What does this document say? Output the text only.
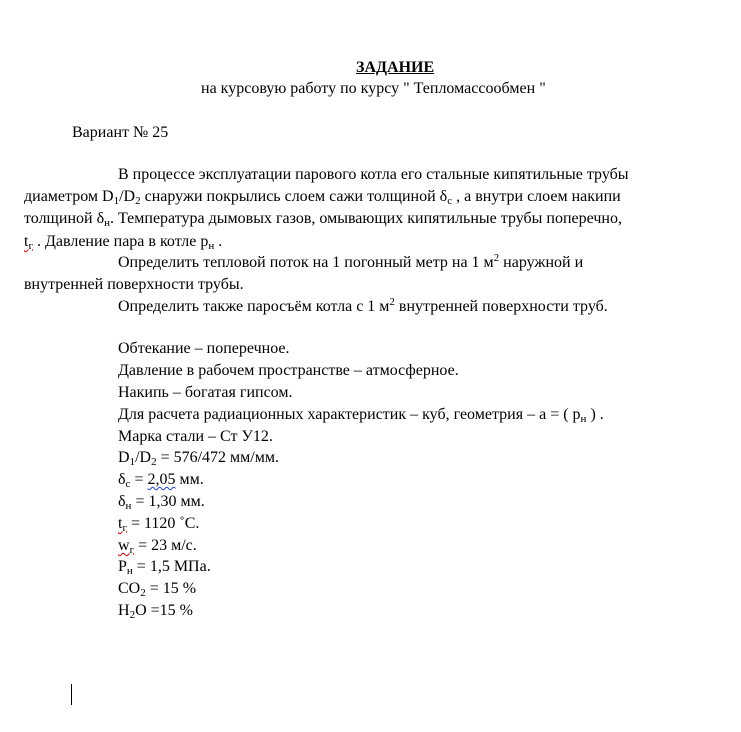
ЗАДАНИЕ
на курсовую работу по курсу " Тепломассообмен "
Вариант № 25
В процессе эксплуатации парового котла его стальные кипятильные трубы
диаметром $D_1/D_2$ снаружи покрылись слоем сажи толщиной $\delta_с$ , а внутри слоем накипи
толщиной $\delta_н$. Температура дымовых газов, омывающих кипятильные трубы поперечно,
$t_г$ . Давление пара в котле $p_н$ .
Определить тепловой поток на 1 погонный метр на 1 $м^2$ наружной и
внутренней поверхности трубы.
Определить также паросъём котла с 1 $м^2$ внутренней поверхности труб.
Обтекание – поперечное.
Давление в рабочем пространстве – атмосферное.
Накипь – богатая гипсом.
Для расчета радиационных характеристик – куб, геометрия – a = ( $p_н$ ) .
Марка стали – Ст У12.
$D_1/D_2 = 576/472$ мм/мм.
$\delta_с = 2,05$ мм.
$\delta_н = 1,30$ мм.
$t_г = 1120$ ˚С.
$w_г = 23$ м/с.
$P_н = 1,5$ МПа.
$CO_2 = 15$ %
$H_2O =15$ %
